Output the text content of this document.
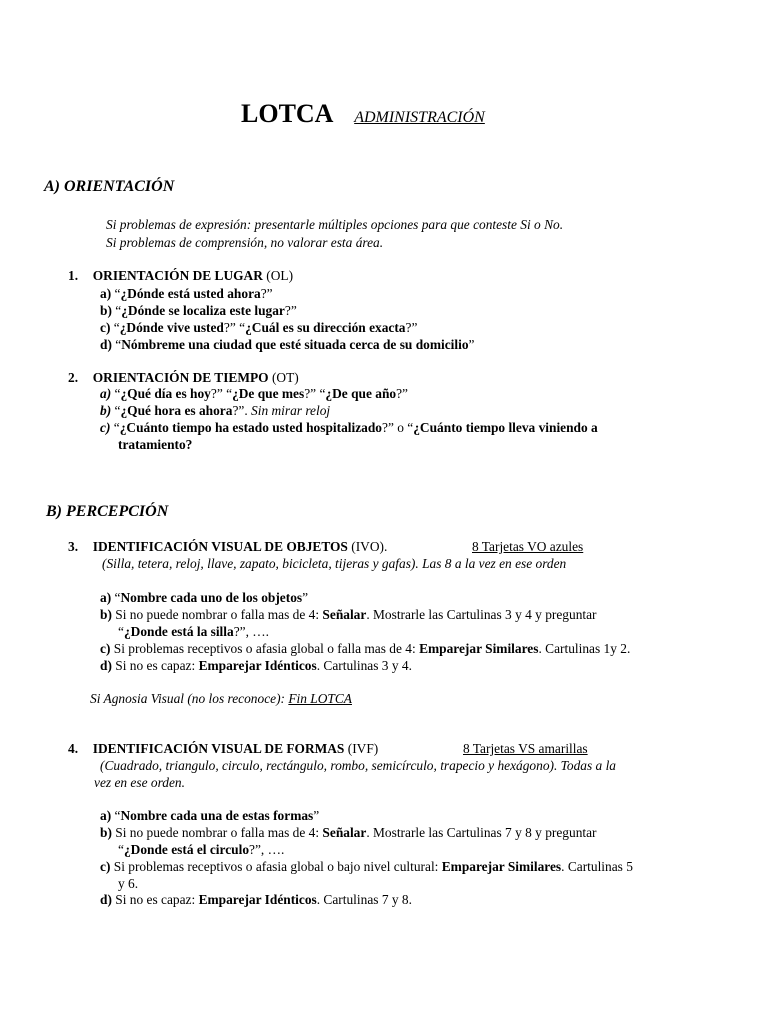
LOTCA ADMINISTRACIÓN
A) ORIENTACIÓN
Si problemas de expresión: presentarle múltiples opciones para que conteste Si o No.
Si problemas de comprensión, no valorar esta área.
1. ORIENTACIÓN DE LUGAR (OL)
a) “¿Dónde está usted ahora?”
b) “¿Dónde se localiza este lugar?”
c) “¿Dónde vive usted?” “¿Cuál es su dirección exacta?”
d) “Nómbreme una ciudad que esté situada cerca de su domicilio”
2. ORIENTACIÓN DE TIEMPO (OT)
a) “¿Qué día es hoy?” “¿De que mes?” “¿De que año?”
b) “¿Qué hora es ahora?”. Sin mirar reloj
c) “¿Cuánto tiempo ha estado usted hospitalizado?” o “¿Cuánto tiempo lleva viniendo a
tratamiento?
B) PERCEPCIÓN
3. IDENTIFICACIÓN VISUAL DE OBJETOS (IVO).	8 Tarjetas VO azules
(Silla, tetera, reloj, llave, zapato, bicicleta, tijeras y gafas). Las 8 a la vez en ese orden
a) “Nombre cada uno de los objetos”
b) Si no puede nombrar o falla mas de 4: Señalar. Mostrarle las Cartulinas 3 y 4 y preguntar
“¿Donde está la silla?”, ….
c) Si problemas receptivos o afasia global o falla mas de 4: Emparejar Similares. Cartulinas 1y 2.
d) Si no es capaz: Emparejar Idénticos. Cartulinas 3 y 4.
Si Agnosia Visual (no los reconoce): Fin LOTCA
4. IDENTIFICACIÓN VISUAL DE FORMAS (IVF)	8 Tarjetas VS amarillas
(Cuadrado, triangulo, circulo, rectángulo, rombo, semicírculo, trapecio y hexágono). Todas a la
vez en ese orden.
a) “Nombre cada una de estas formas”
b) Si no puede nombrar o falla mas de 4: Señalar. Mostrarle las Cartulinas 7 y 8 y preguntar
“¿Donde está el circulo?”, ….
c) Si problemas receptivos o afasia global o bajo nivel cultural: Emparejar Similares. Cartulinas 5
y 6.
d) Si no es capaz: Emparejar Idénticos. Cartulinas 7 y 8.
